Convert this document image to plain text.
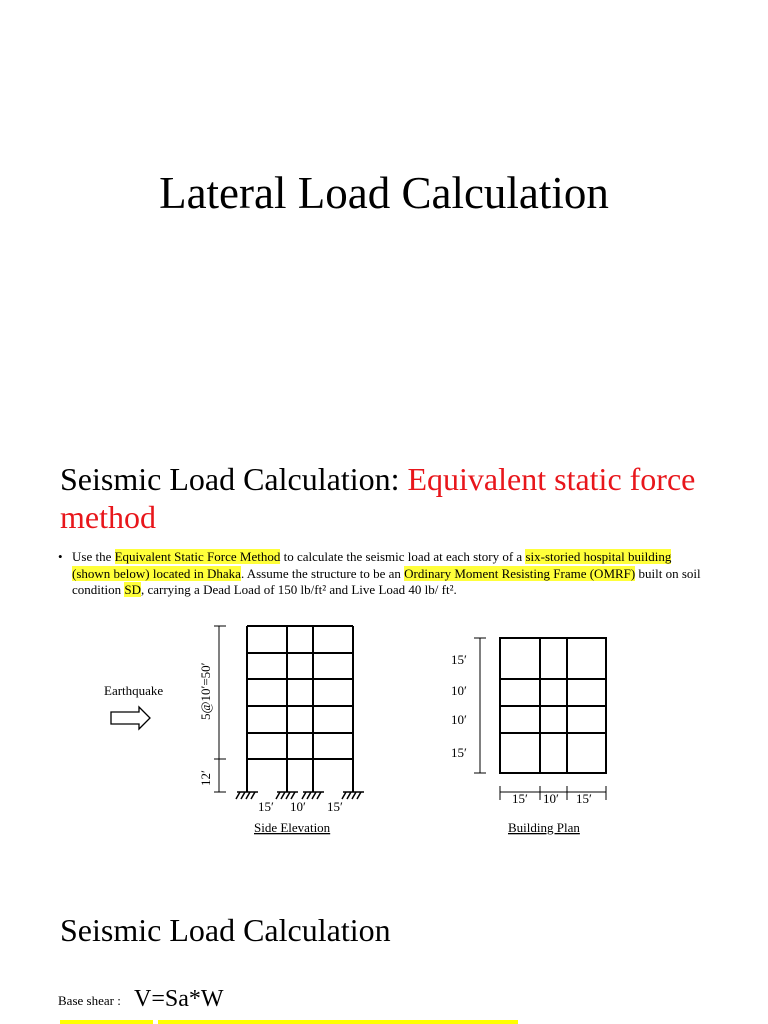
Lateral Load Calculation
Seismic Load Calculation: Equivalent static force method
• Use the Equivalent Static Force Method to calculate the seismic load at each story of a six-storied hospital building (shown below) located in Dhaka. Assume the structure to be an Ordinary Moment Resisting Frame (OMRF) built on soil condition SD, carrying a Dead Load of 150 lb/ft² and Live Load 40 lb/ ft².
Earthquake	5@10′=50′
12′
15′ 10′ 15′
Side Elevation
15′
10′
10′
15′
15′ 10′ 15′
Building Plan
Seismic Load Calculation
Base shear : V=Sa*W
